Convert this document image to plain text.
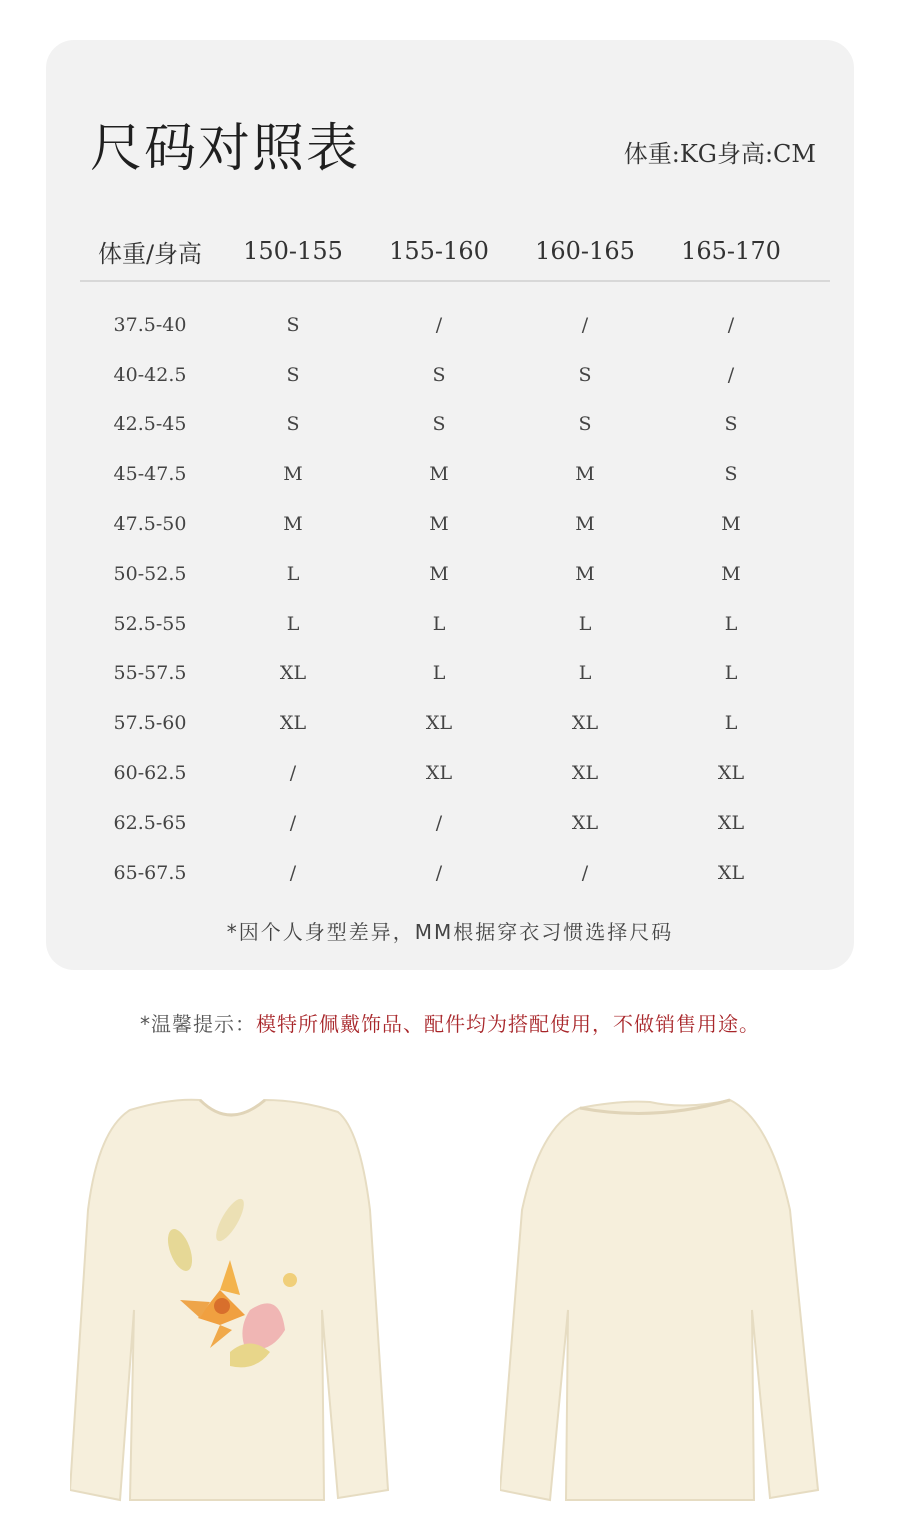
尺码对照表	体重:KG身高:CM
体重/身高	150-155	155-160	160-165	165-170
37.5-40	S	/	/	/
40-42.5	S	S	S	/
42.5-45	S	S	S	S
45-47.5	M	M	M	S
47.5-50	M	M	M	M
50-52.5	L	M	M	M
52.5-55	L	L	L	L
55-57.5	XL	L	L	L
57.5-60	XL	XL	XL	L
60-62.5	/	XL	XL	XL
62.5-65	/	/	XL	XL
65-67.5	/	/	/	XL
*因个人身型差异，MM根据穿衣习惯选择尺码
*温馨提示：模特所佩戴饰品、配件均为搭配使用，不做销售用途。
